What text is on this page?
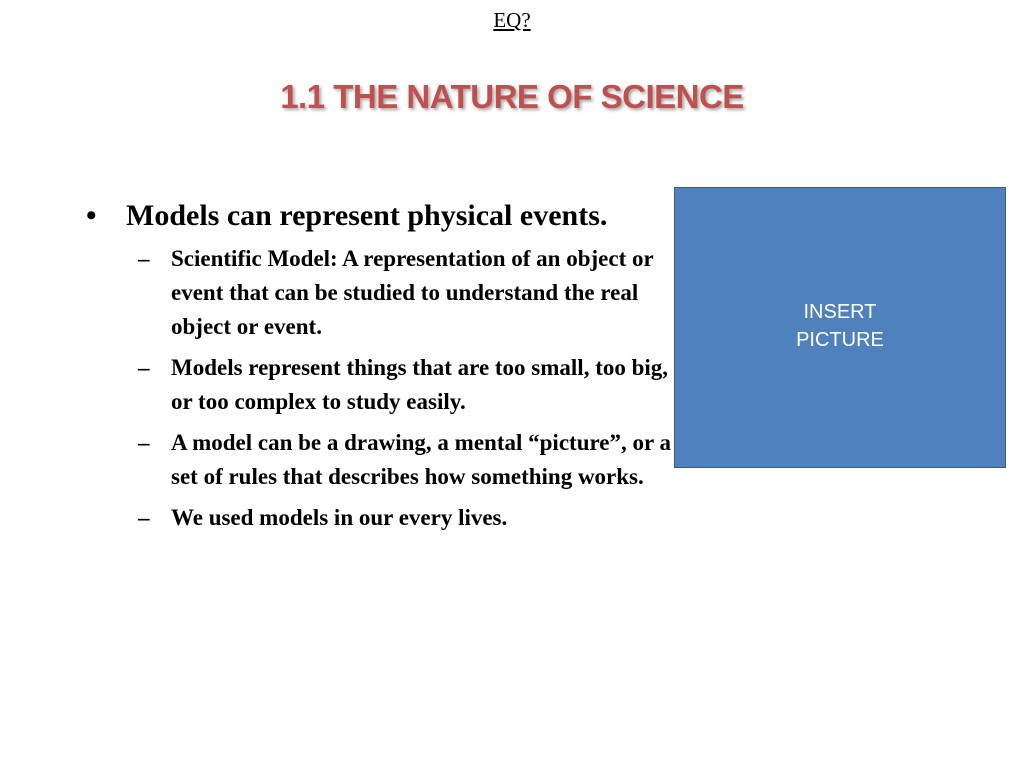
EQ?
1.1 THE NATURE OF SCIENCE
• Models can represent physical events.
– Scientific Model: A representation of an object or event that can be studied to understand the real object or event.
– Models represent things that are too small, too big, or too complex to study easily.
– A model can be a drawing, a mental “picture”, or a set of rules that describes how something works.
– We used models in our every lives.
INSERT
PICTURE
